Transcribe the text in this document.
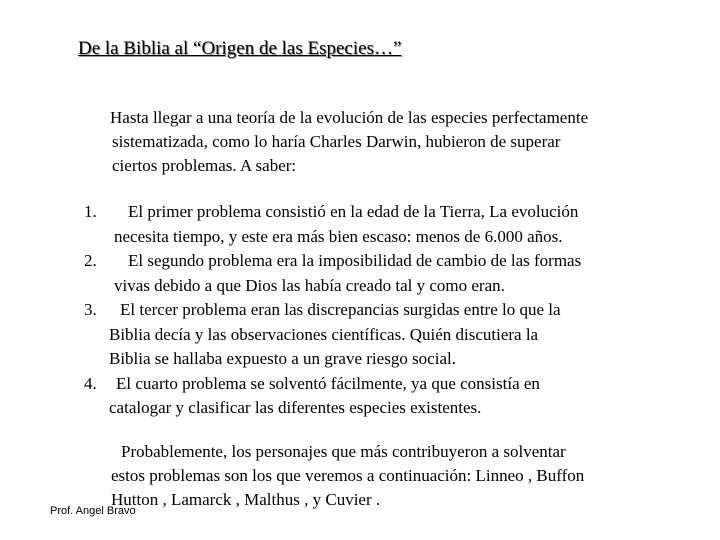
De la Biblia al “Origen de las Especies…”
Hasta llegar a una teoría de la evolución de las especies perfectamente

sistematizada, como lo haría Charles Darwin, hubieron de superar
ciertos problemas. A saber:
1.	El primer problema consistió en la edad de la Tierra, La evolución
necesita tiempo, y este era más bien escaso: menos de 6.000 años.
2.	El segundo problema era la imposibilidad de cambio de las formas
vivas debido a que Dios las había creado tal y como eran.
3.	El tercer problema eran las discrepancias surgidas entre lo que la
Biblia decía y las observaciones científicas. Quién discutiera la
Biblia se hallaba expuesto a un grave riesgo social.
4.	El cuarto problema se solventó fácilmente, ya que consistía en
catalogar y clasificar las diferentes especies existentes.
Probablemente, los personajes que más contribuyeron a solventar
estos problemas son los que veremos a continuación: Linneo , Buffon
Hutton , Lamarck , Malthus , y Cuvier .
Prof. Angel Bravo
